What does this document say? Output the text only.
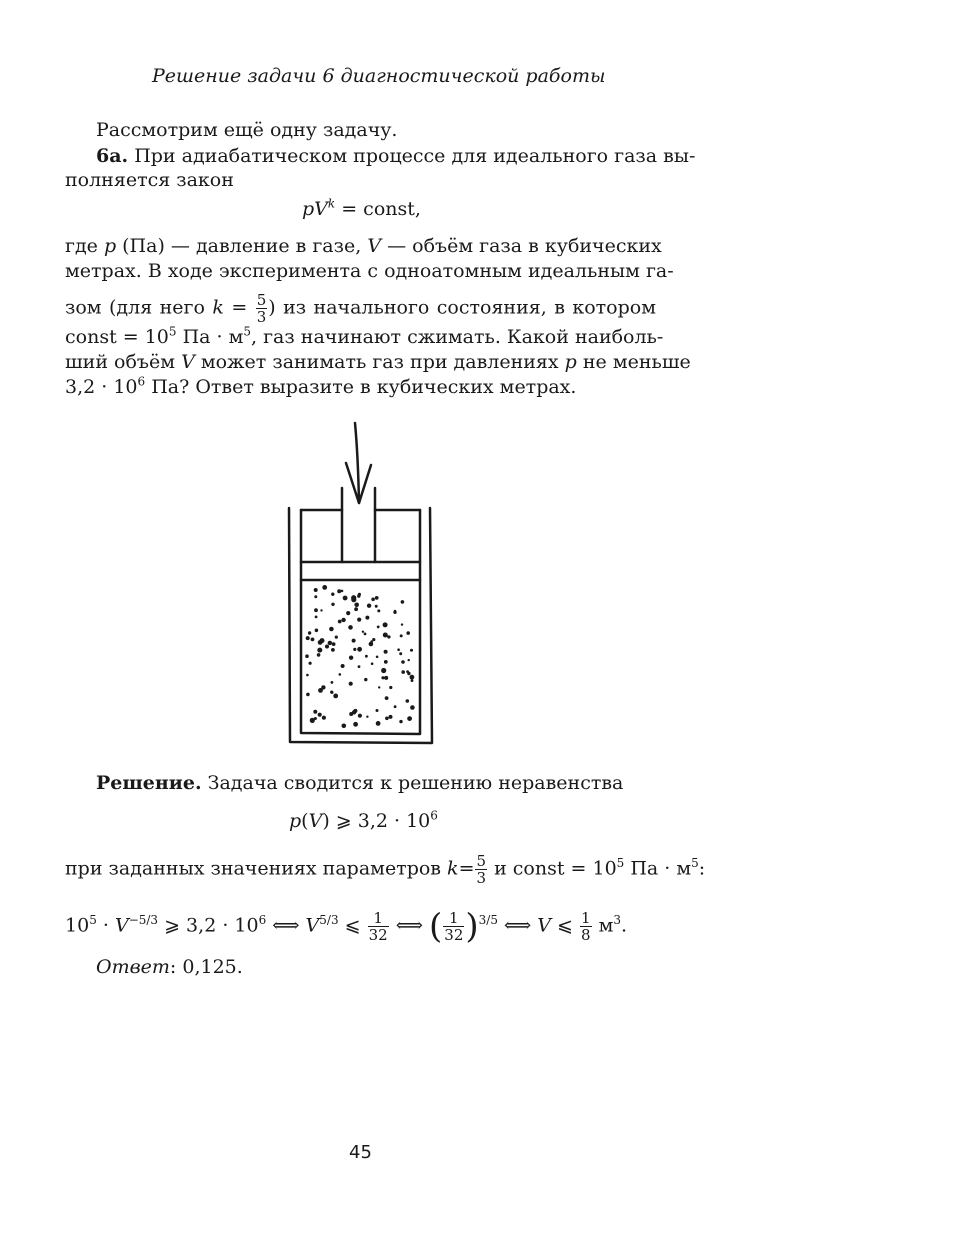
Решение задачи 6 диагностической работы
Рассмотрим ещё одну задачу.
6а. При адиабатическом процессе для идеального газа вы-
полняется закон
$pV^k$ = const,
где p (Па) — давление в газе, V — объём газа в кубических
метрах. В ходе эксперимента с одноатомным идеальным га-
зом (для него $k = \frac{5}{3}$ ) из начального состояния, в котором
const = $10^5$ Па · $м^5$, газ начинают сжимать. Какой наиболь-
ший объём V может занимать газ при давлениях p не меньше
$3,2 \cdot 10^6$ Па? Ответ выразите в кубических метрах.
Решение. Задача сводится к решению неравенства
p(V) ⩾ $3,2 \cdot 10^6$
при заданных значениях параметров $k= \frac{5}{3}$ и const = $10^5$ Па · $м^5$:
$10^5 \cdot V^{-5/3}$ ⩾ $3,2 \cdot 10^6$ ⟺ $V^{5/3}$ ⩽ $\frac{1}{32}$ ⟺ ( $\frac{1}{32} )^{3/5}$ ⟺ V ⩽ $\frac{1}{8} м^3$.
Ответ: 0,125.
45
